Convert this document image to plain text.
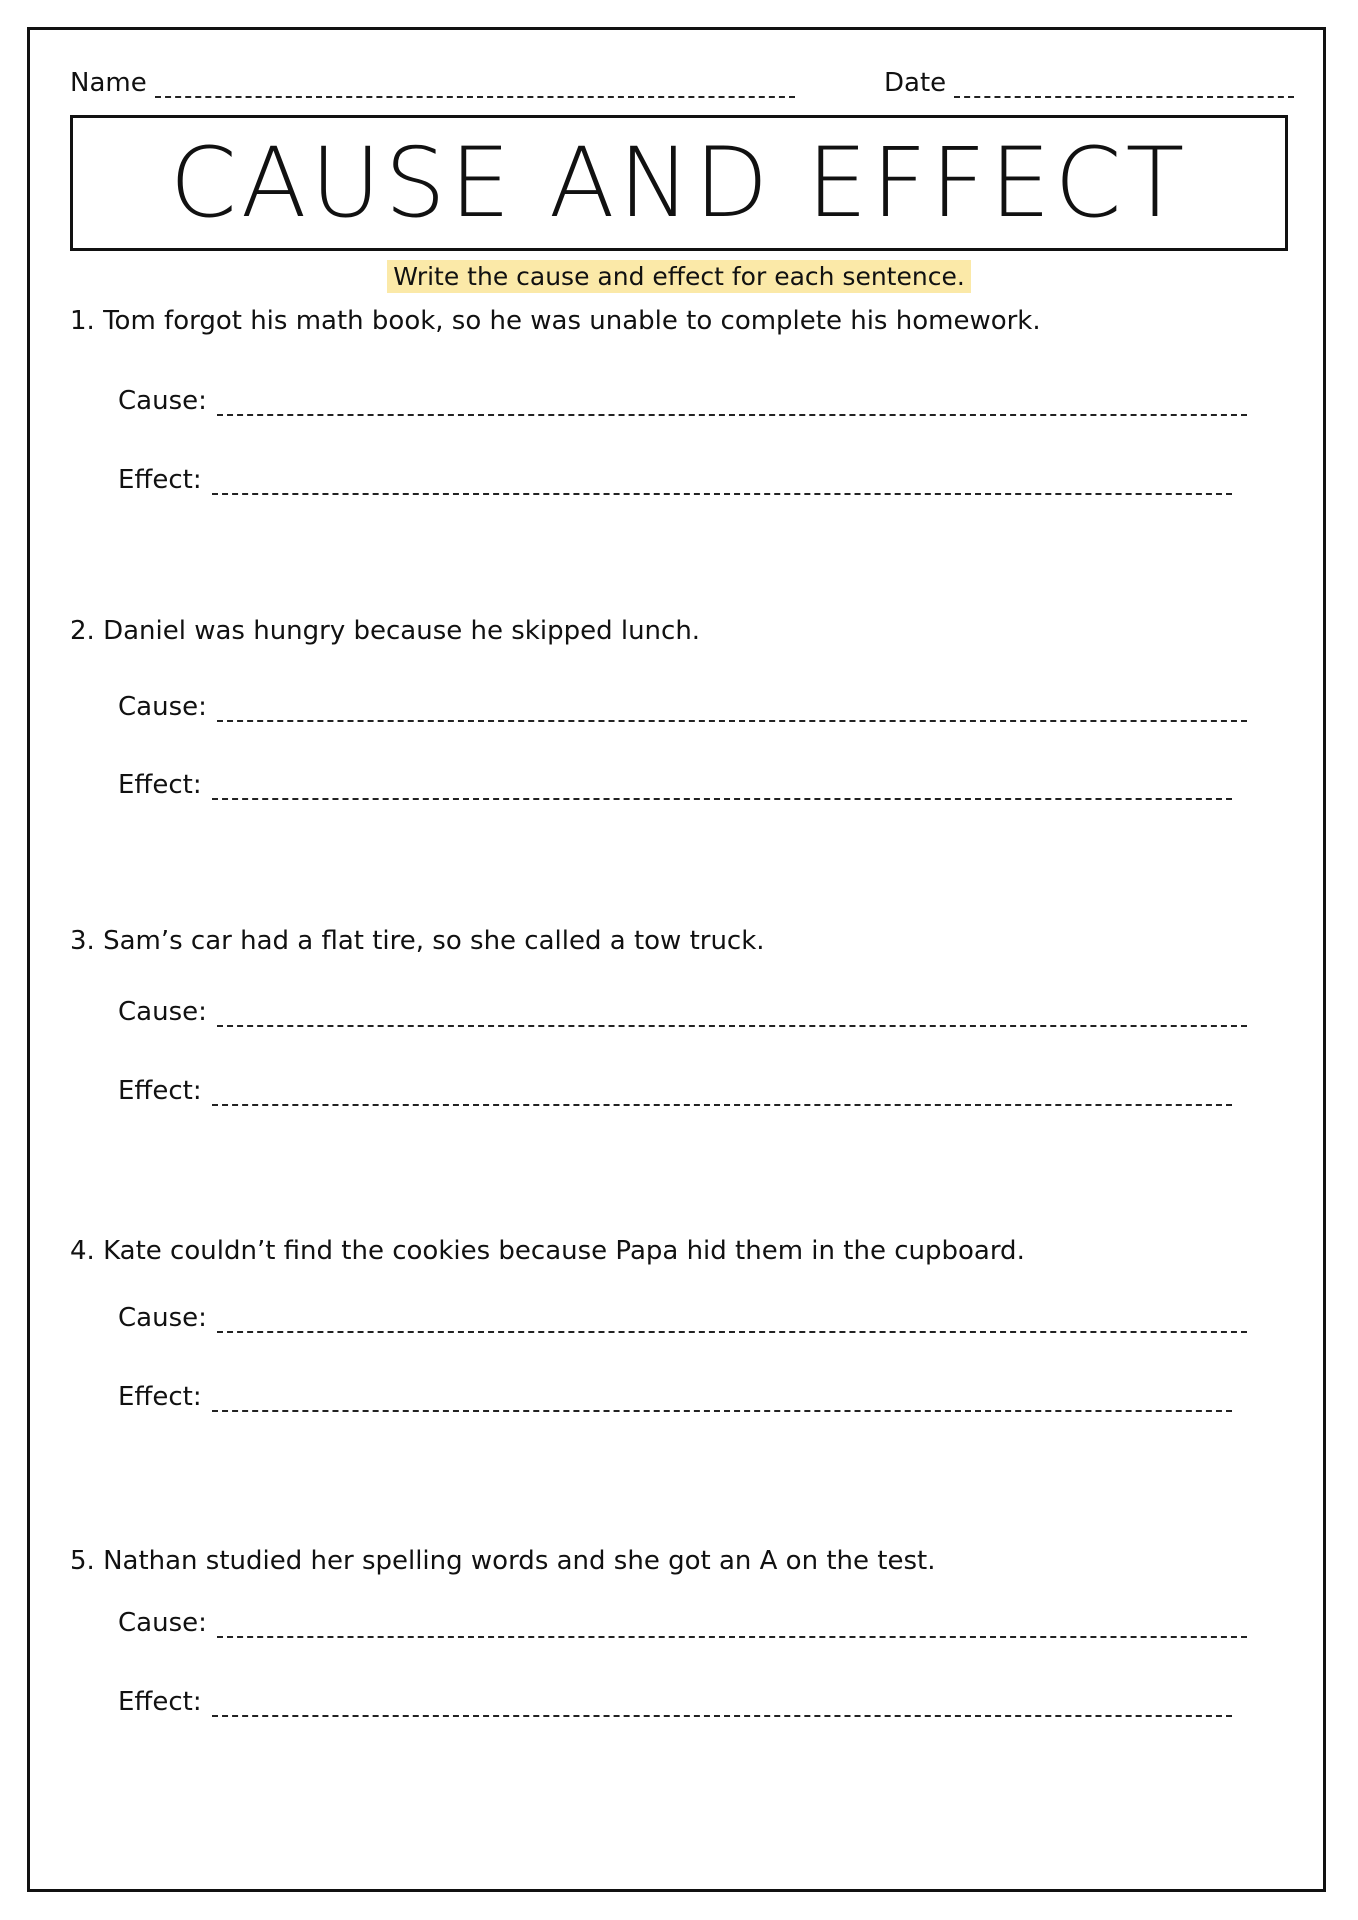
Name	Date
CAUSE AND EFFECT
Write the cause and effect for each sentence.
1. Tom forgot his math book, so he was unable to complete his homework.
Cause:
Effect:
2. Daniel was hungry because he skipped lunch.
Cause:
Effect:
3. Sam’s car had a flat tire, so she called a tow truck.
Cause:
Effect:
4. Kate couldn’t find the cookies because Papa hid them in the cupboard.
Cause:
Effect:
5. Nathan studied her spelling words and she got an A on the test.
Cause:
Effect:
